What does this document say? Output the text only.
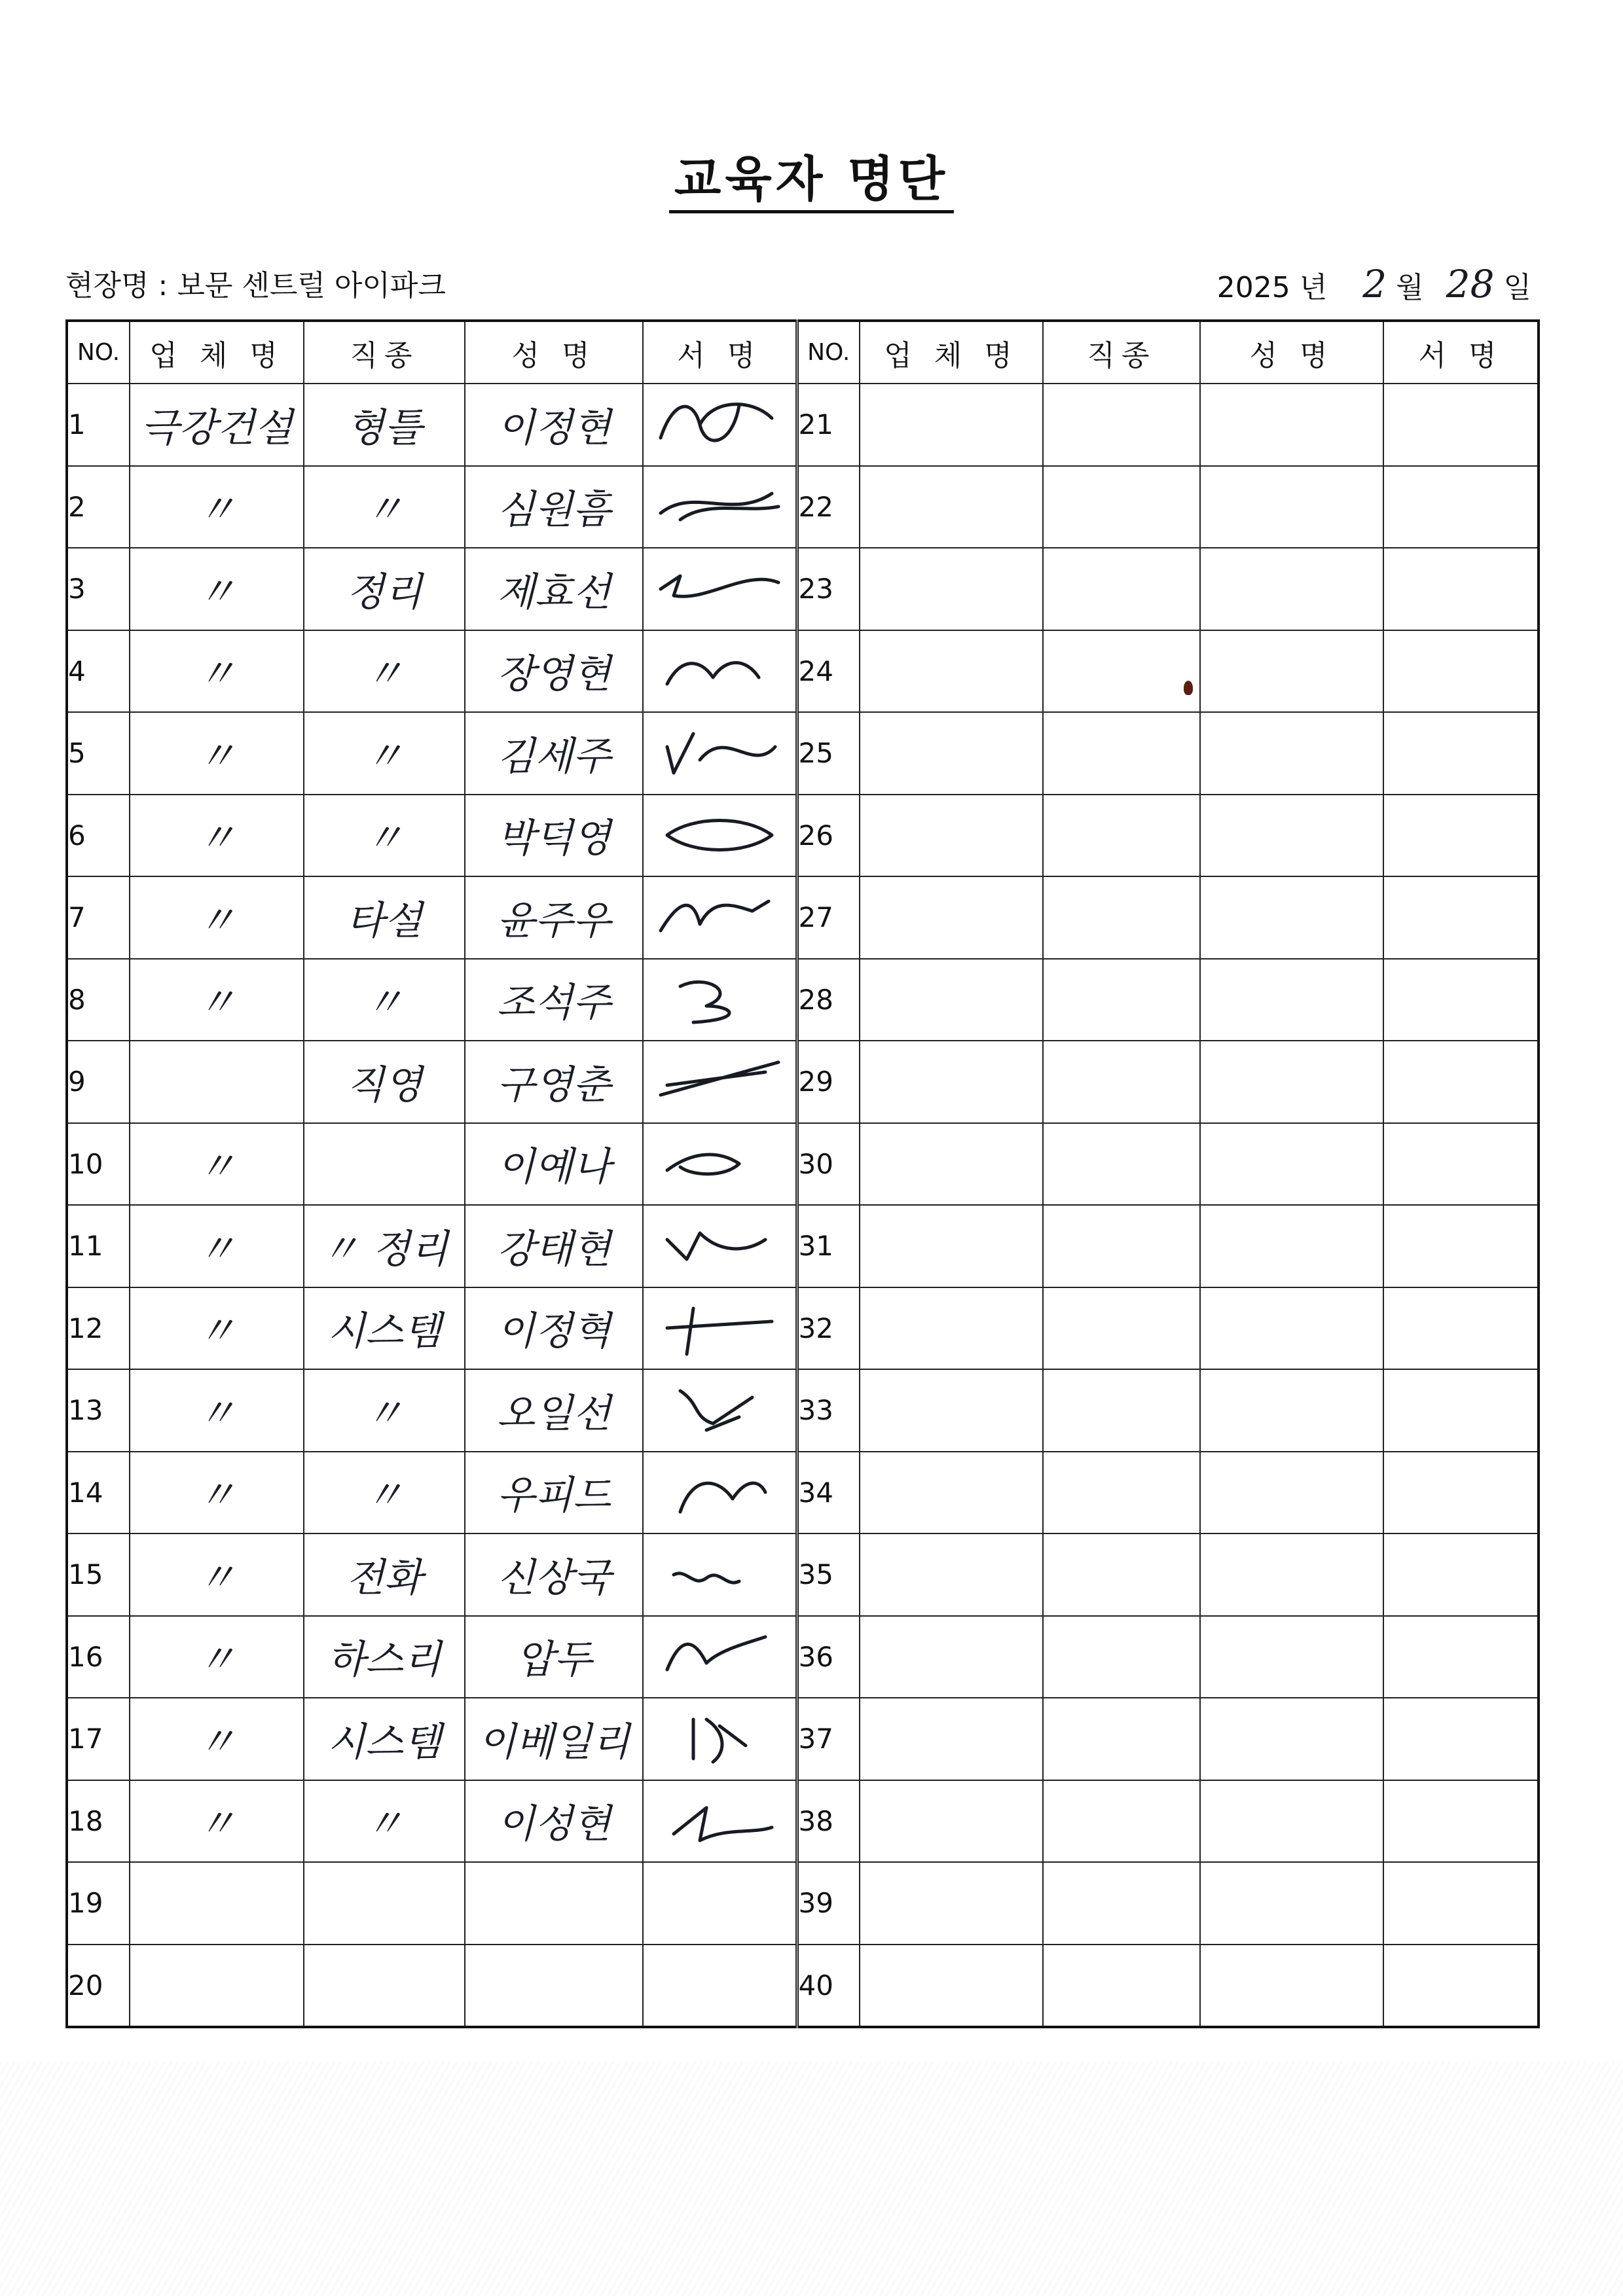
교육자 명단
현장명 : 보문 센트럴 아이파크	2025 년 2 월 28 일
NO.	업 체 명	직종	성 명	서 명	NO.	업 체 명	직종	성 명	서 명
1	극강건설	형틀	이정현		21				
2	〃	〃	심원흠		22				
3	〃	정리	제효선		23				
4	〃	〃	장영현		24				
5	〃	〃	김세주		25				
6	〃	〃	박덕영		26				
7	〃	타설	윤주우		27				
8	〃	〃	조석주		28				
9		직영	구영춘		29				
10	〃		이예나		30				
11	〃	〃 정리	강태현		31				
12	〃	시스템	이정혁		32				
13	〃	〃	오일선		33				
14	〃	〃	우피드		34				
15	〃	전화	신상국		35				
16	〃	하스리	압두		36				
17	〃	시스템	이베일리		37				
18	〃	〃	이성현		38				
19					39				
20					40				
